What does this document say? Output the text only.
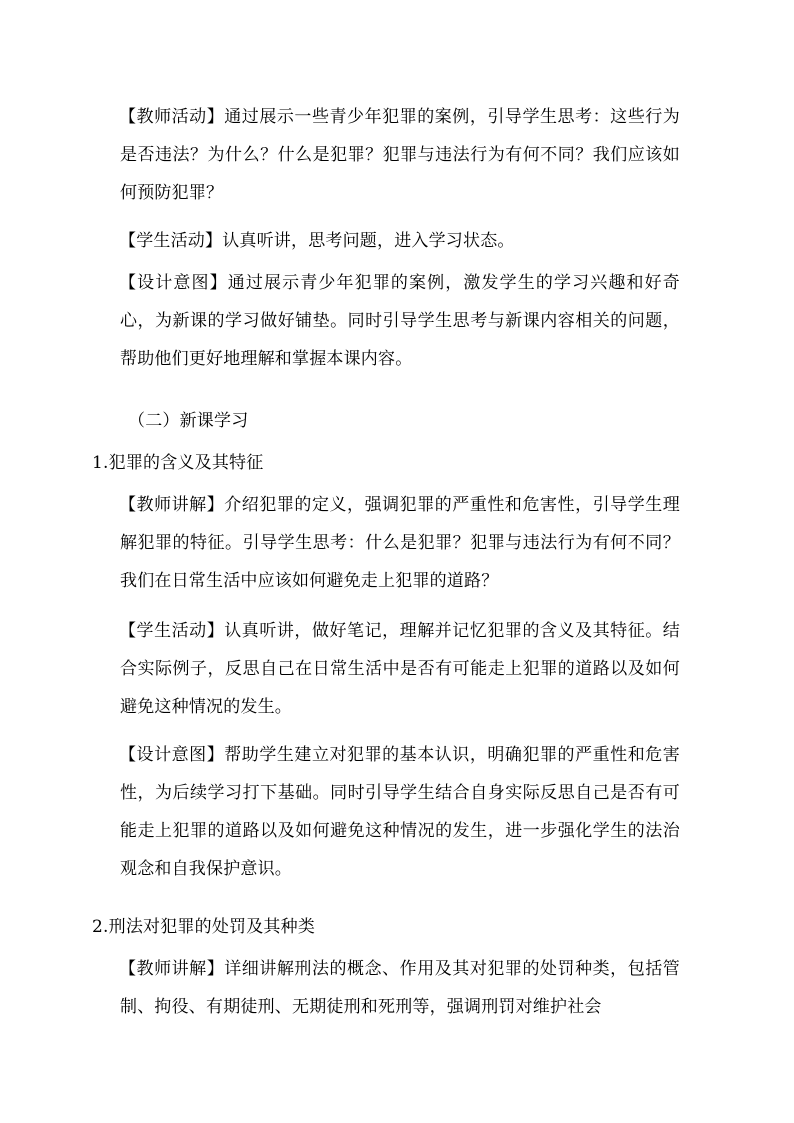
【教师活动】通过展示一些青少年犯罪的案例，引导学生思考：这些行为是否违法？为什么？什么是犯罪？犯罪与违法行为有何不同？我们应该如何预防犯罪？

【学生活动】认真听讲，思考问题，进入学习状态。

【设计意图】通过展示青少年犯罪的案例，激发学生的学习兴趣和好奇心，为新课的学习做好铺垫。同时引导学生思考与新课内容相关的问题，帮助他们更好地理解和掌握本课内容。

（二）新课学习

1.犯罪的含义及其特征

【教师讲解】介绍犯罪的定义，强调犯罪的严重性和危害性，引导学生理解犯罪的特征。引导学生思考：什么是犯罪？犯罪与违法行为有何不同？我们在日常生活中应该如何避免走上犯罪的道路？

【学生活动】认真听讲，做好笔记，理解并记忆犯罪的含义及其特征。结合实际例子，反思自己在日常生活中是否有可能走上犯罪的道路以及如何避免这种情况的发生。

【设计意图】帮助学生建立对犯罪的基本认识，明确犯罪的严重性和危害性，为后续学习打下基础。同时引导学生结合自身实际反思自己是否有可能走上犯罪的道路以及如何避免这种情况的发生，进一步强化学生的法治观念和自我保护意识。

2.刑法对犯罪的处罚及其种类

【教师讲解】详细讲解刑法的概念、作用及其对犯罪的处罚种类，包括管制、拘役、有期徒刑、无期徒刑和死刑等，强调刑罚对维护社会
